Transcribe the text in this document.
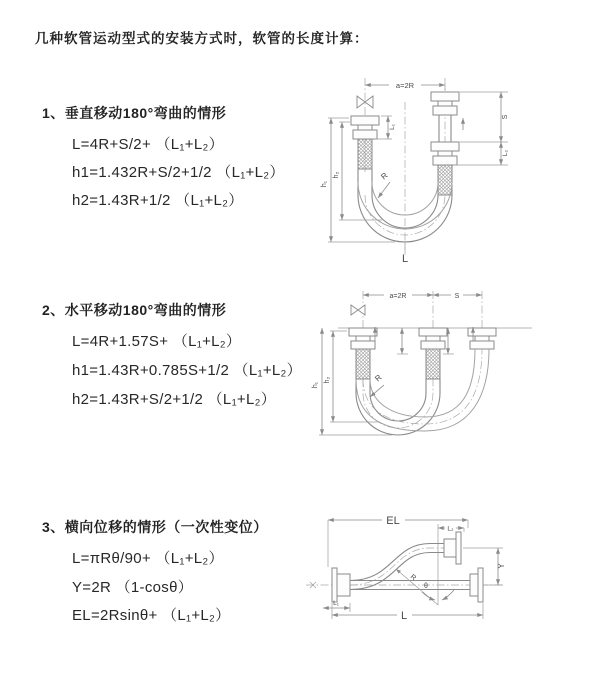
几种软管运动型式的安装方式时，软管的长度计算：
1、垂直移动180°弯曲的情形
L=4R+S/2+ （L₁+L₂）
h1=1.432R+S/2+1/2 （L₁+L₂）
h2=1.43R+1/2 （L₁+L₂）
2、水平移动180°弯曲的情形
L=4R+1.57S+ （L₁+L₂）
h1=1.43R+0.785S+1/2 （L₁+L₂）
h2=1.43R+S/2+1/2 （L₁+L₂）
3、横向位移的情形（一次性变位）
L=πRθ/90+ （L₁+L₂）
Y=2R （1-cosθ）
EL=2Rsinθ+ （L₁+L₂）
a=2R
h₁
h₂
L₁
S
L₂
R
L
a=2R	S
h₁
h₂	R
EL
L₂
Y
R
θ
L₁
L
